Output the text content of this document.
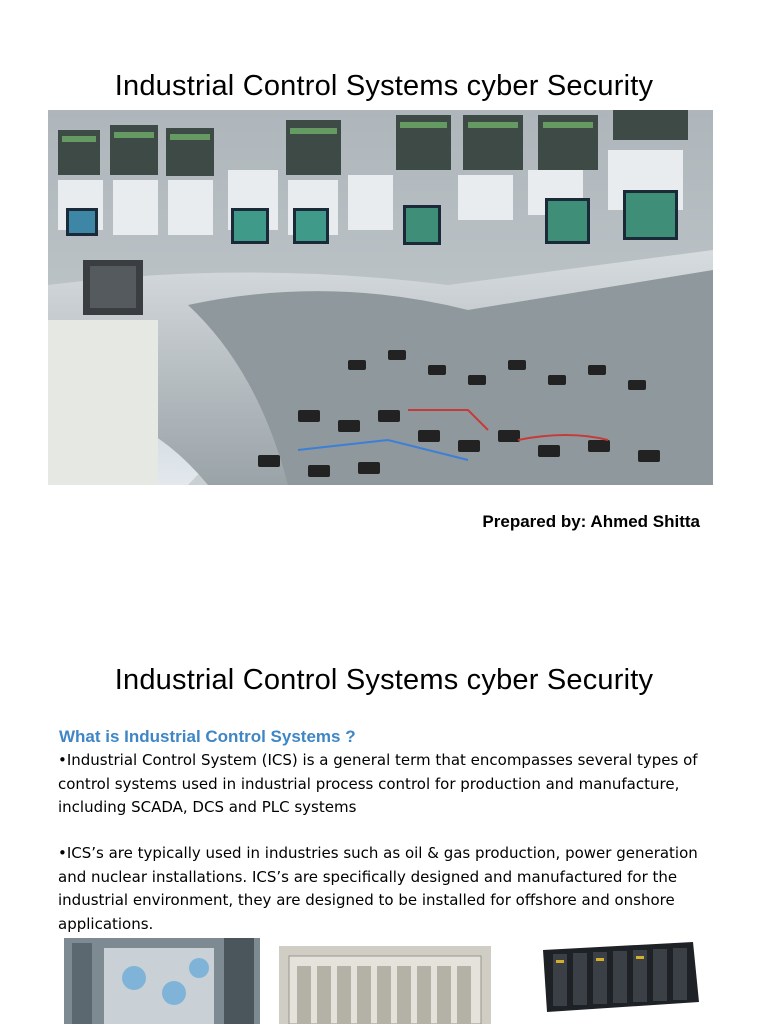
Industrial Control Systems cyber Security
Prepared by: Ahmed Shitta
Industrial Control Systems cyber Security
What is Industrial Control Systems ?
•Industrial Control System (ICS) is a general term that encompasses several types of control systems used in industrial process control for production and manufacture, including SCADA, DCS and PLC systems
•ICS’s are typically used in industries such as oil & gas production, power generation and nuclear installations. ICS’s are specifically designed and manufactured for the industrial environment, they are designed to be installed for offshore and onshore applications.
